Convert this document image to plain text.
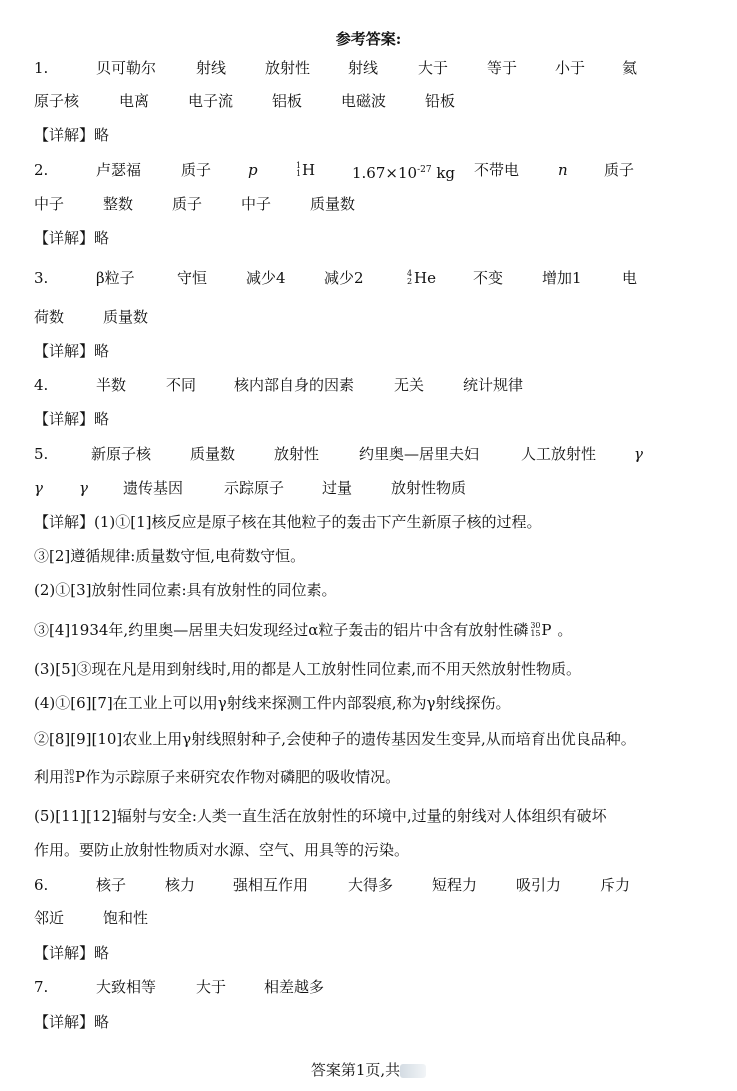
参考答案:
1.	贝可勒尔	射线	放射性	射线	大于	等于	小于 氦
原子核	电离	电子流	铝板	电磁波	铅板
【详解】略
2.	卢瑟福	质子 p	1
1 H $1.67\times 10^{-27}$ kg 不带电	n 质子
中子	整数	质子	中子	质量数
【详解】略
3.	β粒子	守恒	减少4	减少2	4
2 He 不变	增加1	电
荷数	质量数
【详解】略
4.	半数	不同	核内部自身的因素	无关	统计规律
【详解】略
5.	新原子核	质量数	放射性	约里奥—居里夫妇	人工放射性	γ
γ γ 遗传基因	示踪原子	过量	放射性物质
【详解】(1)①[1]核反应是原子核在其他粒子的轰击下产生新原子核的过程。
③[2]遵循规律:质量数守恒,电荷数守恒。
(2)①[3]放射性同位素:具有放射性的同位素。
③[4]1934年,约里奥—居里夫妇发现经过α粒子轰击的铝片中含有放射性磷 30
15 P 。
(3)[5]③现在凡是用到射线时,用的都是人工放射性同位素,而不用天然放射性物质。
(4)①[6][7]在工业上可以用γ射线来探测工件内部裂痕,称为γ射线探伤。
②[8][9][10]农业上用γ射线照射种子,会使种子的遗传基因发生变异,从而培育出优良品种。
利用 30
15 P作为示踪原子来研究农作物对磷肥的吸收情况。
(5)[11][12]辐射与安全:人类一直生活在放射性的环境中,过量的射线对人体组织有破坏
作用。要防止放射性物质对水源、空气、用具等的污染。
6.	核子	核力	强相互作用	大得多	短程力	吸引力	斥力
邻近	饱和性
【详解】略
7.	大致相等	大于	相差越多
【详解】略
答案第1页,共
